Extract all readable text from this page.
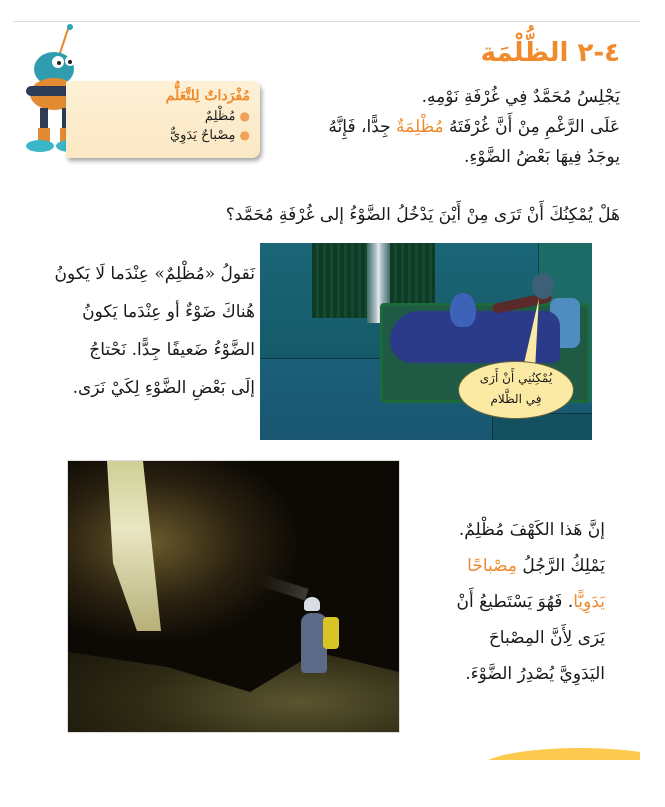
مُفْرَداتٌ لِلتَّعَلُّم
●مُظْلِمٌ
●مِصْباحٌ يَدَوِيٌّ
٤-٢ الظُّلْمَة
يَجْلِسُ مُحَمَّدٌ فِي غُرْفَةِ نَوْمِهِ.
عَلَى الرَّغْمِ مِنْ أَنَّ غُرْفَتَهُ مُظْلِمَةٌ جِدًّا، فَإِنَّهُ
يوجَدُ فِيهَا بَعْضُ الضَّوْءِ.
هَلْ يُمْكِنُكَ أَنْ تَرَى مِنْ أَيْنَ يَدْخُلُ الضَّوْءُ إلى غُرْفَةِ مُحَمَّد؟
نَقولُ «مُظْلِمٌ» عِنْدَما لَا يَكونُ
هُناكَ ضَوْءٌ أو عِنْدَما يَكونُ
الضَّوْءُ ضَعيفًا جِدًّا. نَحْتاجُ
إلَى بَعْضِ الضَّوْءِ لِكَيْ نَرَى.	يُمْكِنُنِي أَنْ أَرَى
فِي الظَّلام
إنَّ هَذا الكَهْفَ مُظْلِمٌ.
يَمْلِكُ الرَّجُلُ مِصْباحًا
يَدَوِيًّا. فَهُوَ يَسْتَطيعُ أَنْ
يَرَى لِأَنَّ المِصْباحَ
اليَدَوِيَّ يُصْدِرُ الضَّوْءَ.
